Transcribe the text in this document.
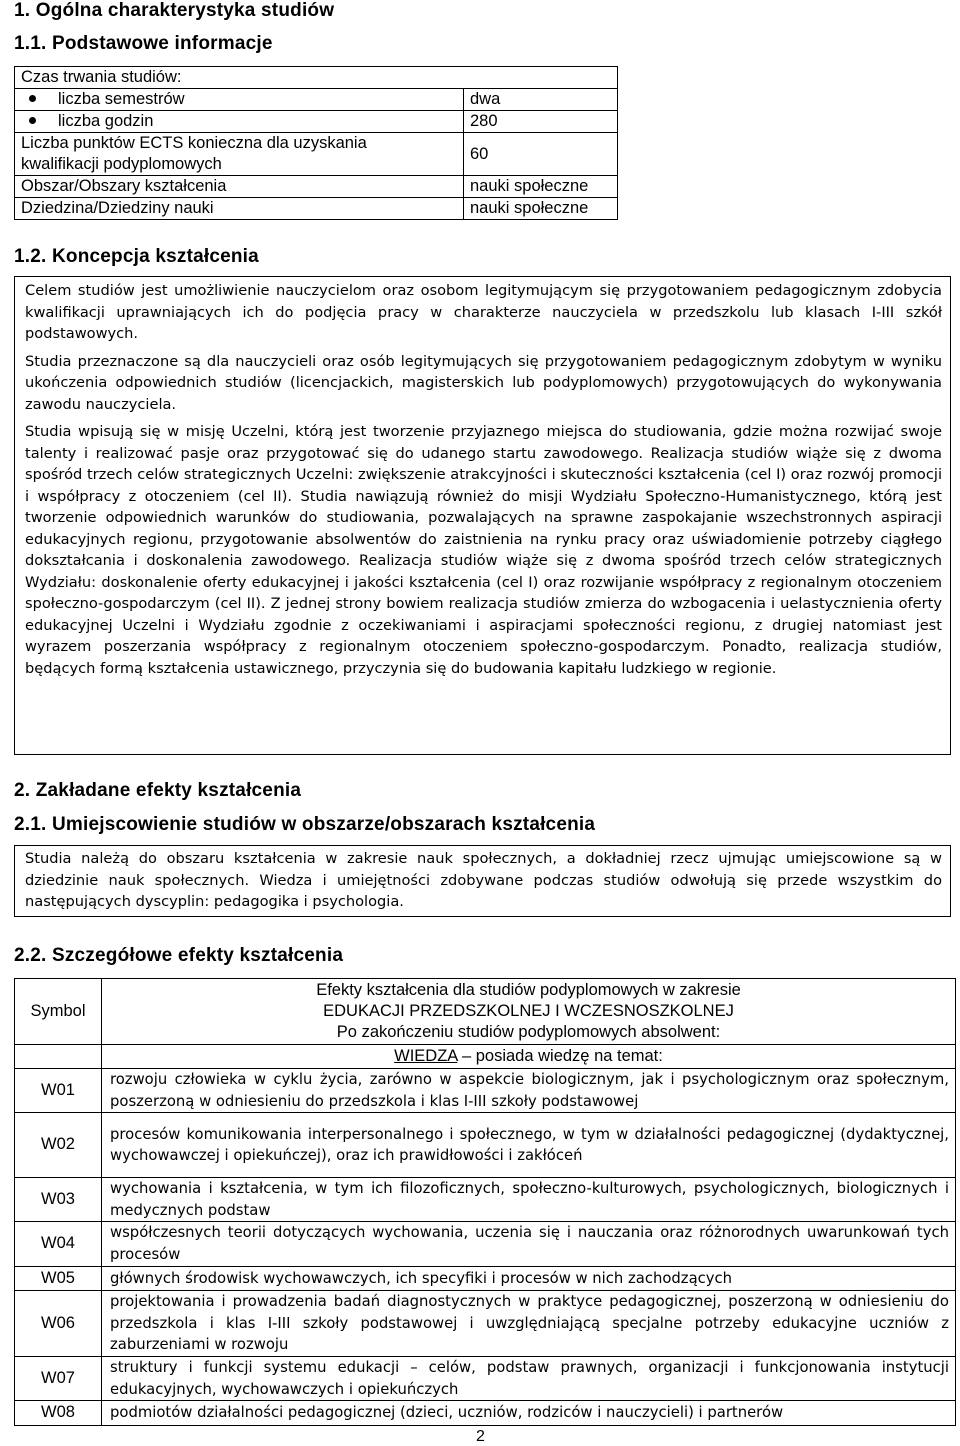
1. Ogólna charakterystyka studiów
1.1. Podstawowe informacje
Czas trwania studiów:	
liczba semestrów	dwa
liczba godzin	280
Liczba punktów ECTS konieczna dla uzyskania kwalifikacji podyplomowych	60
Obszar/Obszary kształcenia	nauki społeczne
Dziedzina/Dziedziny nauki	nauki społeczne
1.2. Koncepcja kształcenia

Celem studiów jest umożliwienie nauczycielom oraz osobom legitymującym się przygotowaniem pedagogicznym zdobycia kwalifikacji uprawniających ich do podjęcia pracy w charakterze nauczyciela w przedszkolu lub klasach I-III szkół podstawowych.

Studia przeznaczone są dla nauczycieli oraz osób legitymujących się przygotowaniem pedagogicznym zdobytym w wyniku ukończenia odpowiednich studiów (licencjackich, magisterskich lub podyplomowych) przygotowujących do wykonywania zawodu nauczyciela.

Studia wpisują się w misję Uczelni, którą jest tworzenie przyjaznego miejsca do studiowania, gdzie można rozwijać swoje talenty i realizować pasje oraz przygotować się do udanego startu zawodowego. Realizacja studiów wiąże się z dwoma spośród trzech celów strategicznych Uczelni: zwiększenie atrakcyjności i skuteczności kształcenia (cel I) oraz rozwój promocji i współpracy z otoczeniem (cel II). Studia nawiązują również do misji Wydziału Społeczno-Humanistycznego, którą jest tworzenie odpowiednich warunków do studiowania, pozwalających na sprawne zaspokajanie wszechstronnych aspiracji edukacyjnych regionu, przygotowanie absolwentów do zaistnienia na rynku pracy oraz uświadomienie potrzeby ciągłego dokształcania i doskonalenia zawodowego. Realizacja studiów wiąże się z dwoma spośród trzech celów strategicznych Wydziału: doskonalenie oferty edukacyjnej i jakości kształcenia (cel I) oraz rozwijanie współpracy z regionalnym otoczeniem społeczno-gospodarczym (cel II). Z jednej strony bowiem realizacja studiów zmierza do wzbogacenia i uelastycznienia oferty edukacyjnej Uczelni i Wydziału zgodnie z oczekiwaniami i aspiracjami społeczności regionu, z drugiej natomiast jest wyrazem poszerzania współpracy z regionalnym otoczeniem społeczno-gospodarczym. Ponadto, realizacja studiów, będących formą kształcenia ustawicznego, przyczynia się do budowania kapitału ludzkiego w regionie.

2. Zakładane efekty kształcenia
2.1. Umiejscowienie studiów w obszarze/obszarach kształcenia

Studia należą do obszaru kształcenia w zakresie nauk społecznych, a dokładniej rzecz ujmując umiejscowione są w dziedzinie nauk społecznych. Wiedza i umiejętności zdobywane podczas studiów odwołują się przede wszystkim do następujących dyscyplin: pedagogika i psychologia.

2.2. Szczegółowe efekty kształcenia
Symbol	Efekty kształcenia dla studiów podyplomowych w zakresie
EDUKACJI PRZEDSZKOLNEJ I WCZESNOSZKOLNEJ
Po zakończeniu studiów podyplomowych absolwent:

	WIEDZA – posiada wiedzę na temat:
W01	rozwoju człowieka w cyklu życia, zarówno w aspekcie biologicznym, jak i psychologicznym oraz społecznym, poszerzoną w odniesieniu do przedszkola i klas I-III szkoły podstawowej
W02	procesów komunikowania interpersonalnego i społecznego, w tym w działalności pedagogicznej (dydaktycznej, wychowawczej i opiekuńczej), oraz ich prawidłowości i zakłóceń
W03	wychowania i kształcenia, w tym ich filozoficznych, społeczno-kulturowych, psychologicznych, biologicznych i medycznych podstaw
W04	współczesnych teorii dotyczących wychowania, uczenia się i nauczania oraz różnorodnych uwarunkowań tych procesów
W05	głównych środowisk wychowawczych, ich specyfiki i procesów w nich zachodzących
W06	projektowania i prowadzenia badań diagnostycznych w praktyce pedagogicznej, poszerzoną w odniesieniu do przedszkola i klas I-III szkoły podstawowej i uwzględniającą specjalne potrzeby edukacyjne uczniów z zaburzeniami w rozwoju
W07	struktury i funkcji systemu edukacji – celów, podstaw prawnych, organizacji i funkcjonowania instytucji edukacyjnych, wychowawczych i opiekuńczych
W08	podmiotów działalności pedagogicznej (dzieci, uczniów, rodziców i nauczycieli) i partnerów
2
